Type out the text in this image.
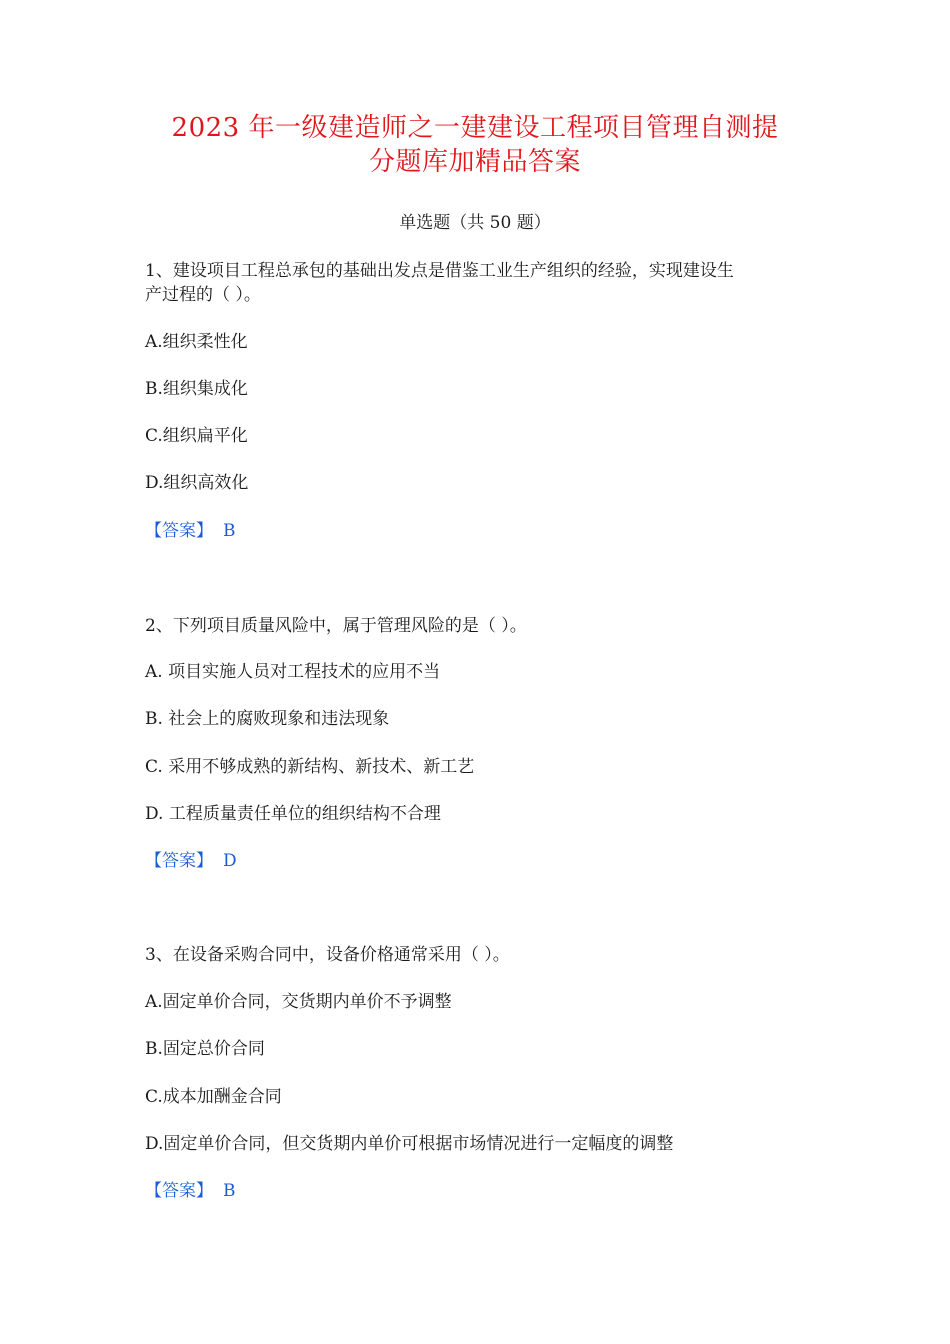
2023 年一级建造师之一建建设工程项目管理自测提
分题库加精品答案
单选题（共 50 题）
1、建设项目工程总承包的基础出发点是借鉴工业生产组织的经验，实现建设生
产过程的（ ）。
A.组织柔性化
B.组织集成化
C.组织扁平化
D.组织高效化
【答案】 B
2、下列项目质量风险中，属于管理风险的是（ ）。
A. 项目实施人员对工程技术的应用不当
B. 社会上的腐败现象和违法现象
C. 采用不够成熟的新结构、新技术、新工艺
D. 工程质量责任单位的组织结构不合理
【答案】 D
3、在设备采购合同中，设备价格通常采用（ ）。
A.固定单价合同，交货期内单价不予调整
B.固定总价合同
C.成本加酬金合同
D.固定单价合同，但交货期内单价可根据市场情况进行一定幅度的调整
【答案】 B
